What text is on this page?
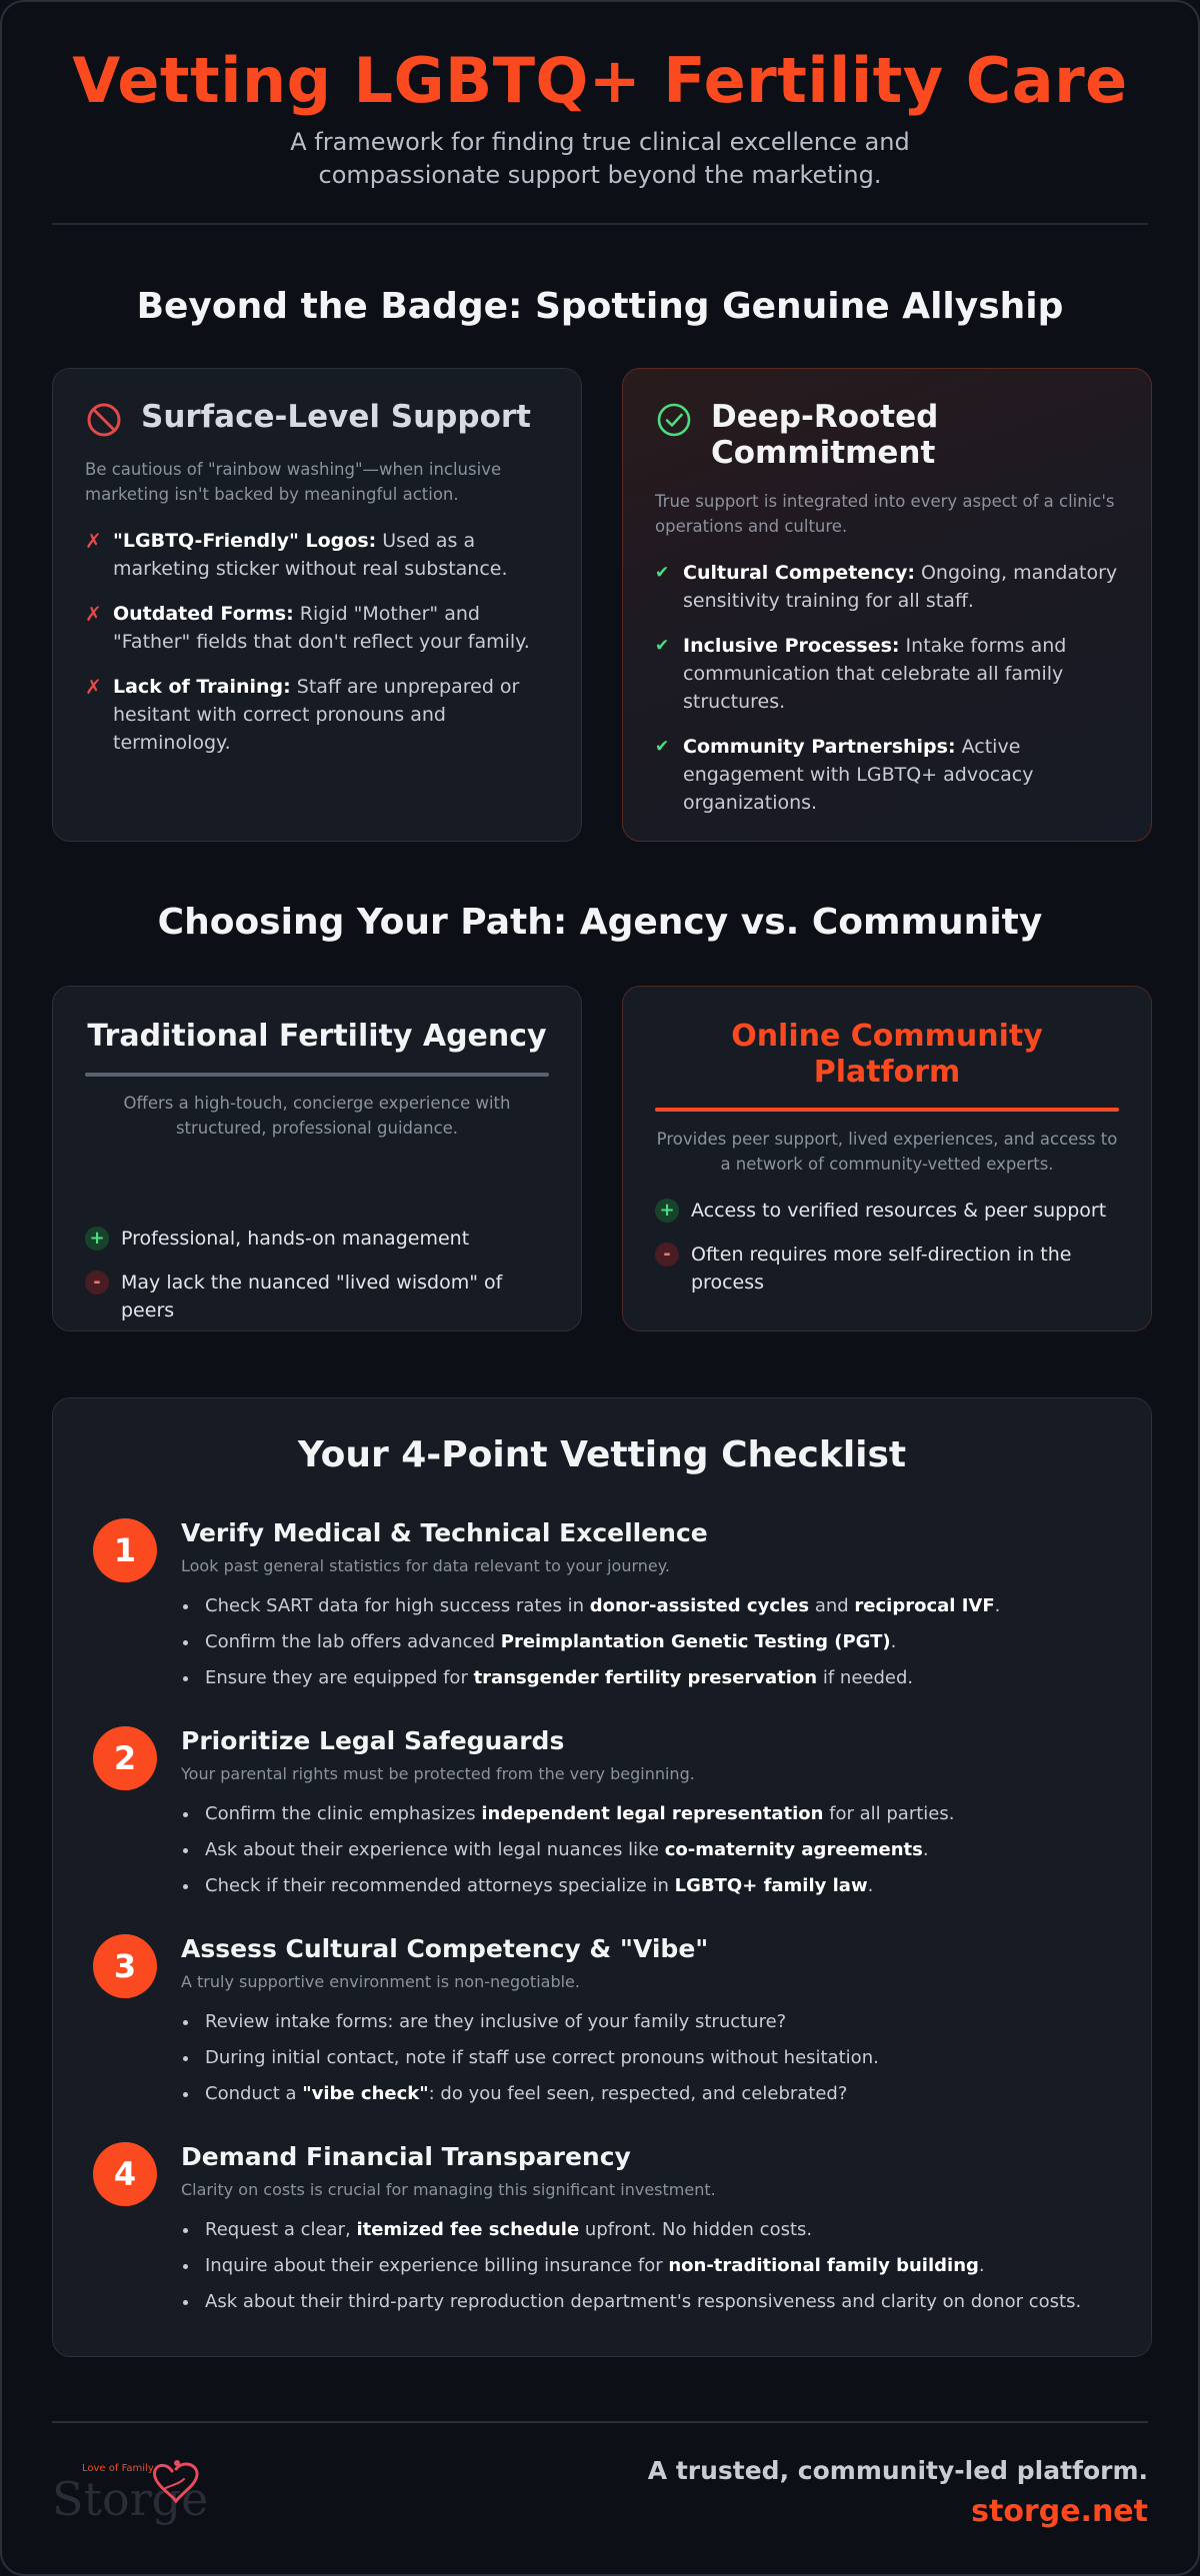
Vetting LGBTQ+ Fertility Care
A framework for finding true clinical excellence and compassionate support beyond the marketing.
Beyond the Badge: Spotting Genuine Allyship
Surface-Level Support
Be cautious of "rainbow washing"—when inclusive marketing isn't backed by meaningful action.
✗ "LGBTQ-Friendly" Logos: Used as a marketing sticker without real substance.
✗ Outdated Forms: Rigid "Mother" and "Father" fields that don't reflect your family.
✗ Lack of Training: Staff are unprepared or hesitant with correct pronouns and terminology.
Deep-Rooted Commitment
True support is integrated into every aspect of a clinic's operations and culture.
✔ Cultural Competency: Ongoing, mandatory sensitivity training for all staff.
✔ Inclusive Processes: Intake forms and communication that celebrate all family structures.
✔ Community Partnerships: Active engagement with LGBTQ+ advocacy organizations.
Choosing Your Path: Agency vs. Community
Traditional Fertility Agency
Offers a high-touch, concierge experience with structured, professional guidance.
+ Professional, hands-on management
-	May lack the nuanced "lived wisdom" of peers
Online Community Platform
Provides peer support, lived experiences, and access to a network of community-vetted experts.
+ Access to verified resources & peer support
-	Often requires more self-direction in the process
Your 4-Point Vetting Checklist
1	Verify Medical & Technical Excellence
Look past general statistics for data relevant to your journey.
Check SART data for high success rates in donor-assisted cycles and reciprocal IVF.
Confirm the lab offers advanced Preimplantation Genetic Testing (PGT).
Ensure they are equipped for transgender fertility preservation if needed.
2	Prioritize Legal Safeguards
Your parental rights must be protected from the very beginning.
Confirm the clinic emphasizes independent legal representation for all parties.
Ask about their experience with legal nuances like co-maternity agreements.
Check if their recommended attorneys specialize in LGBTQ+ family law.
3	Assess Cultural Competency & "Vibe"
A truly supportive environment is non-negotiable.
Review intake forms: are they inclusive of your family structure?
During initial contact, note if staff use correct pronouns without hesitation.
Conduct a "vibe check": do you feel seen, respected, and celebrated?
4	Demand Financial Transparency
Clarity on costs is crucial for managing this significant investment.
Request a clear, itemized fee schedule upfront. No hidden costs.
Inquire about their experience billing insurance for non-traditional family building.
Ask about their third-party reproduction department's responsiveness and clarity on donor costs.
Love of Family
Storge
A trusted, community-led platform.
storge.net
